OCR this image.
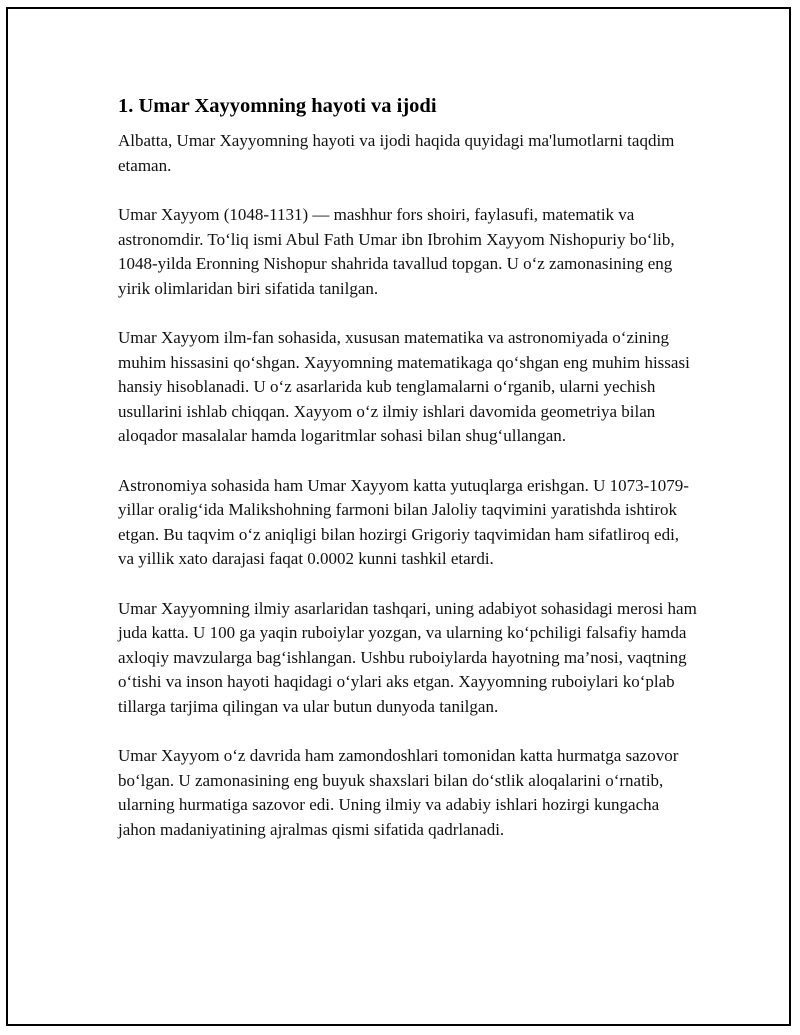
1. Umar Xayyomning hayoti va ijodi

Albatta, Umar Xayyomning hayoti va ijodi haqida quyidagi ma'lumotlarni taqdim etaman.

Umar Xayyom (1048-1131) — mashhur fors shoiri, faylasufi, matematik va astronomdir. To‘liq ismi Abul Fath Umar ibn Ibrohim Xayyom Nishopuriy bo‘lib, 1048-yilda Eronning Nishopur shahrida tavallud topgan. U o‘z zamonasining eng yirik olimlaridan biri sifatida tanilgan.

Umar Xayyom ilm-fan sohasida, xususan matematika va astronomiyada o‘zining muhim hissasini qo‘shgan. Xayyomning matematikaga qo‘shgan eng muhim hissasi hansiy hisoblanadi. U o‘z asarlarida kub tenglamalarni o‘rganib, ularni yechish usullarini ishlab chiqqan. Xayyom o‘z ilmiy ishlari davomida geometriya bilan aloqador masalalar hamda logaritmlar sohasi bilan shug‘ullangan.

Astronomiya sohasida ham Umar Xayyom katta yutuqlarga erishgan. U 1073-1079-yillar oralig‘ida Malikshohning farmoni bilan Jaloliy taqvimini yaratishda ishtirok etgan. Bu taqvim o‘z aniqligi bilan hozirgi Grigoriy taqvimidan ham sifatliroq edi, va yillik xato darajasi faqat 0.0002 kunni tashkil etardi.

Umar Xayyomning ilmiy asarlaridan tashqari, uning adabiyot sohasidagi merosi ham juda katta. U 100 ga yaqin ruboiylar yozgan, va ularning ko‘pchiligi falsafiy hamda axloqiy mavzularga bag‘ishlangan. Ushbu ruboiylarda hayotning ma’nosi, vaqtning o‘tishi va inson hayoti haqidagi o‘ylari aks etgan. Xayyomning ruboiylari ko‘plab tillarga tarjima qilingan va ular butun dunyoda tanilgan.

Umar Xayyom o‘z davrida ham zamondoshlari tomonidan katta hurmatga sazovor bo‘lgan. U zamonasining eng buyuk shaxslari bilan do‘stlik aloqalarini o‘rnatib, ularning hurmatiga sazovor edi. Uning ilmiy va adabiy ishlari hozirgi kungacha jahon madaniyatining ajralmas qismi sifatida qadrlanadi.
